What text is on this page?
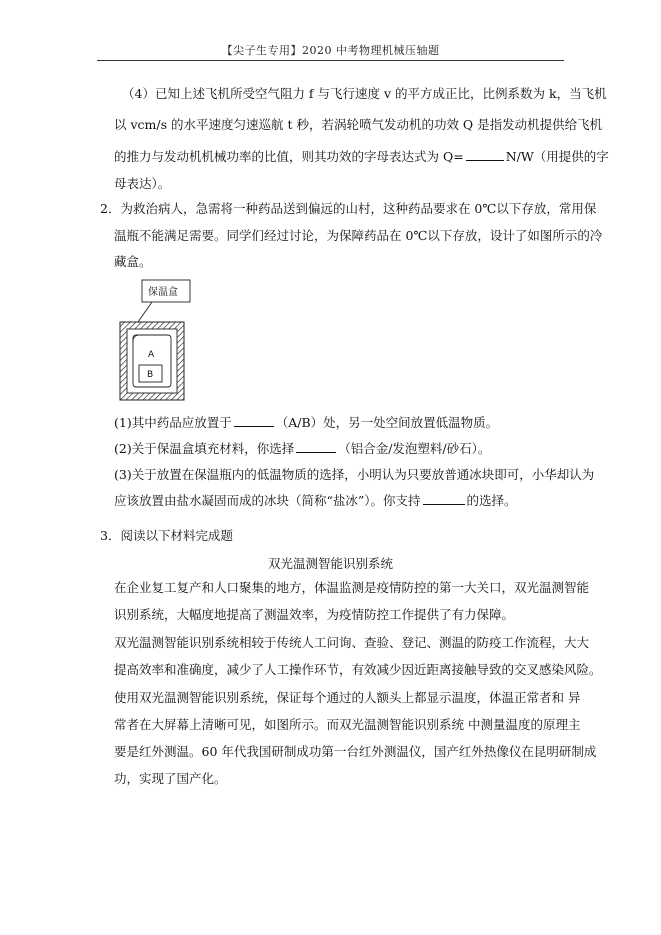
【尖子生专用】2020 中考物理机械压轴题
（4）已知上述飞机所受空气阻力 f 与飞行速度 v 的平方成正比，比例系数为 k，当飞机
以 vcm/s 的水平速度匀速巡航 t 秒，若涡轮喷气发动机的功效 Q 是指发动机提供给飞机
的推力与发动机机械功率的比值，则其功效的字母表达式为 Q=	N/W（用提供的字
母表达）。
2．为救治病人，急需将一种药品送到偏远的山村，这种药品要求在 0℃以下存放，常用保
温瓶不能满足需要。同学们经过讨论，为保障药品在 0℃以下存放，设计了如图所示的冷
藏盒。
保温盒
A
B
(1)其中药品应放置于	（A/B）处，另一处空间放置低温物质。
(2)关于保温盒填充材料，你选择	（铝合金/发泡塑料/砂石）。
(3)关于放置在保温瓶内的低温物质的选择，小明认为只要放普通冰块即可，小华却认为
应该放置由盐水凝固而成的冰块（简称“盐冰”）。你支持	的选择。
3．阅读以下材料完成题
双光温测智能识别系统
在企业复工复产和人口聚集的地方，体温监测是疫情防控的第一大关口，双光温测智能
识别系统，大幅度地提高了测温效率，为疫情防控工作提供了有力保障。
双光温测智能识别系统相较于传统人工问询、查验、登记、测温的防疫工作流程，大大
提高效率和准确度，减少了人工操作环节，有效减少因近距离接触导致的交叉感染风险。
使用双光温测智能识别系统，保证每个通过的人额头上都显示温度，体温正常者和 异
常者在大屏幕上清晰可见，如图所示。而双光温测智能识别系统 中测量温度的原理主
要是红外测温。60 年代我国研制成功第一台红外测温仪，国产红外热像仪在昆明研制成
功，实现了国产化。
